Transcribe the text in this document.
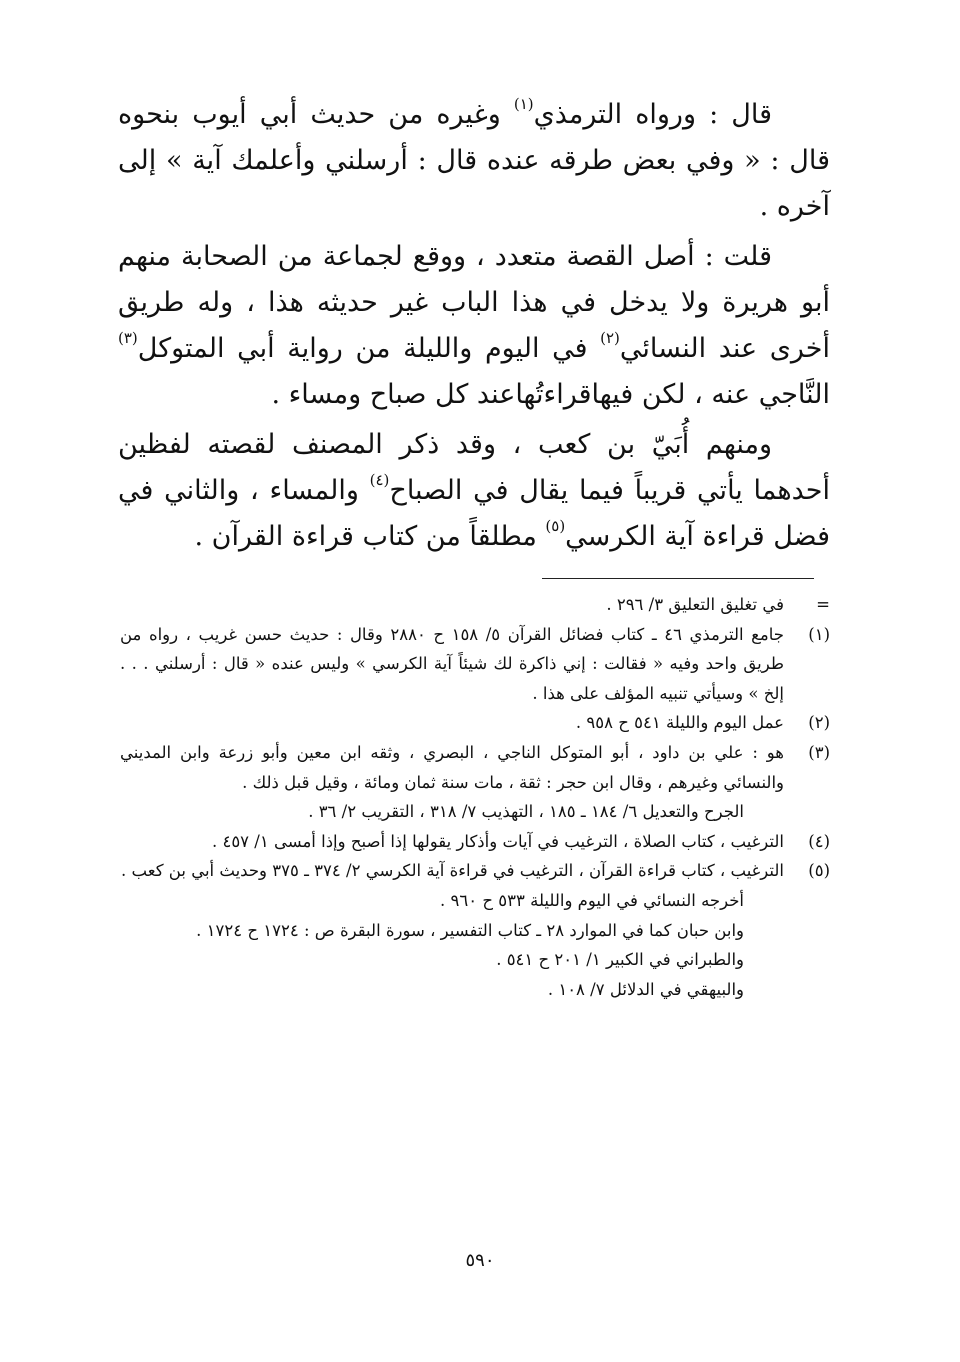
قال : ورواه الترمذي$^{(١)}$ وغيره من حديث أبي أيوب بنحوه قال : « وفي بعض طرقه عنده قال : أرسلني وأعلمك آية » إلى آخره .

قلت : أصل القصة متعدد ، ووقع لجماعة من الصحابة منهم أبو هريرة ولا يدخل في هذا الباب غير حديثه هذا ، وله طريق أخرى عند النسائي$^{(٢)}$ في اليوم والليلة من رواية أبي المتوكل$^{(٣)}$ النَّاجي عنه ، لكن فيهاقراءتُهاعند كل صباح ومساء .

ومنهم أُبَيّ بن كعب ، وقد ذكر المصنف لقصته لفظين أحدهما يأتي قريباً فيما يقال في الصباح$^{(٤)}$ والمساء ، والثاني في فضل قراءة آية الكرسي$^{(٥)}$ مطلقاً من كتاب قراءة القرآن .

=
في تغليق التعليق ٣/ ٢٩٦ .
(١)
جامع الترمذي ٤٦ ـ كتاب فضائل القرآن ٥/ ١٥٨ ح ٢٨٨٠ وقال : حديث حسن غريب ، رواه من طريق واحد وفيه « فقالت : إني ذاكرة لك شيئاً آية الكرسي » وليس عنده « قال : أرسلني . . . إلخ » وسيأتي تنبيه المؤلف على هذا .
(٢)
عمل اليوم والليلة ٥٤١ ح ٩٥٨ .
(٣)
هو : علي بن داود ، أبو المتوكل الناجي ، البصري ، وثقه ابن معين وأبو زرعة وابن المديني والنسائي وغيرهم ، وقال ابن حجر : ثقة ، مات سنة ثمان ومائة ، وقيل قبل ذلك .
الجرح والتعديل ٦/ ١٨٤ ـ ١٨٥ ، التهذيب ٧/ ٣١٨ ، التقريب ٢/ ٣٦ .
(٤)
الترغيب ، كتاب الصلاة ، الترغيب في آيات وأذكار يقولها إذا أصبح وإذا أمسى ١/ ٤٥٧ .
(٥)
الترغيب ، كتاب قراءة القرآن ، الترغيب في قراءة آية الكرسي ٢/ ٣٧٤ ـ ٣٧٥ وحديث أبي بن كعب .
أخرجه النسائي في اليوم والليلة ٥٣٣ ح ٩٦٠ .
وابن حبان كما في الموارد ٢٨ ـ كتاب التفسير ، سورة البقرة ص : ١٧٢٤ ح ١٧٢٤ .
والطبراني في الكبير ١/ ٢٠١ ح ٥٤١ .
والبيهقي في الدلائل ٧/ ١٠٨ .
٥٩٠
